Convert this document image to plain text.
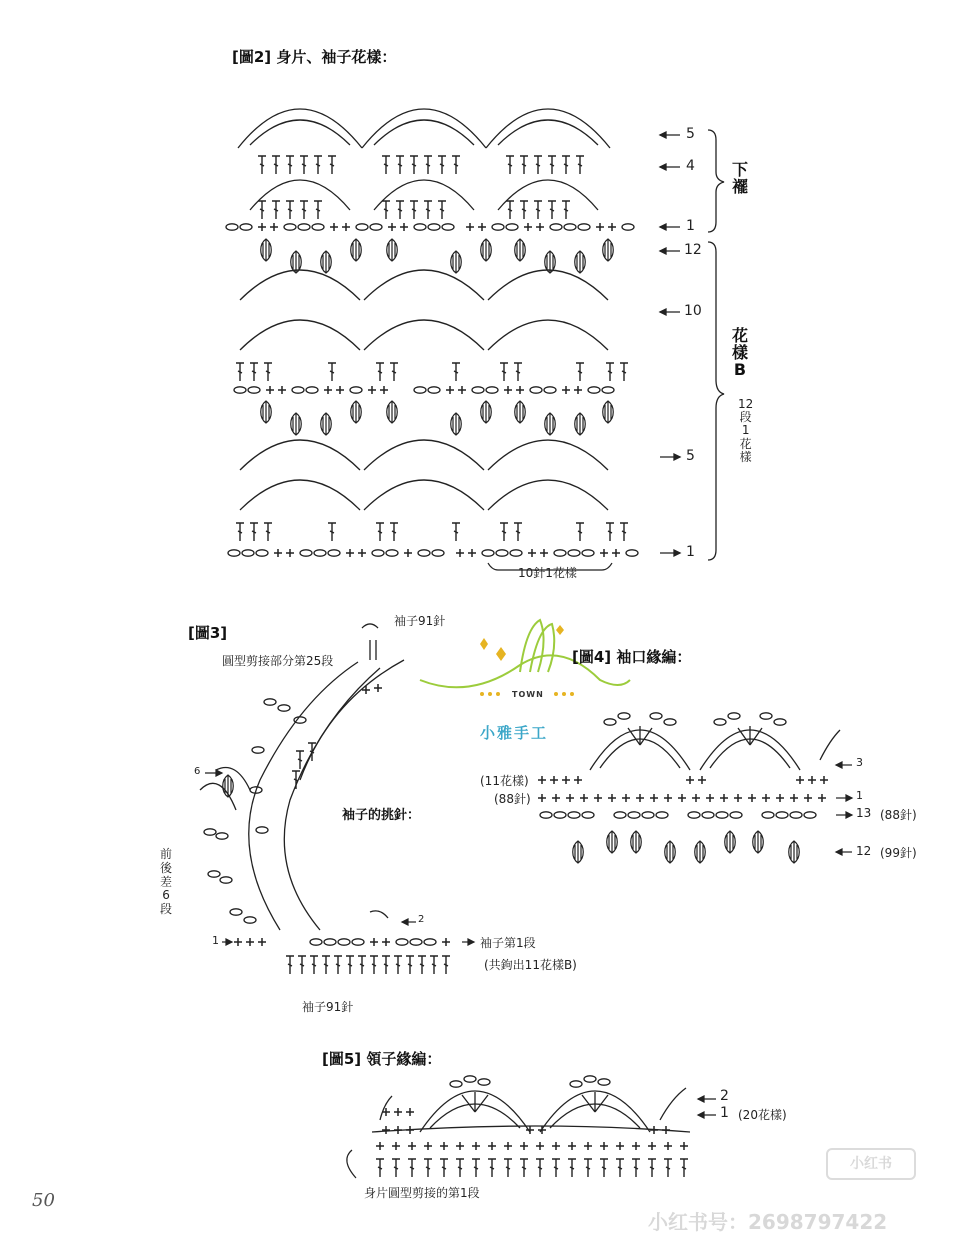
[圖2] 身片、袖子花樣：
5
4
1
12
10
5
1
下
襬
花
樣
B
12
段
1
花
樣
10針1花樣
[圖3]
袖子91針
圓型剪接部分第25段
袖子的挑針：
前
後
差
6
段
6
2
1	袖子第1段
(共鉤出11花樣B)
袖子91針
[圖4] 袖口緣編：
3
1
13 (88針)
12 (99針)
(11花樣)
(88針)
[圖5] 領子緣編：
2
1 (20花樣)
身片圓型剪接的第1段
TOWN
小雅手工
50
小红书
小红书号：2698797422
